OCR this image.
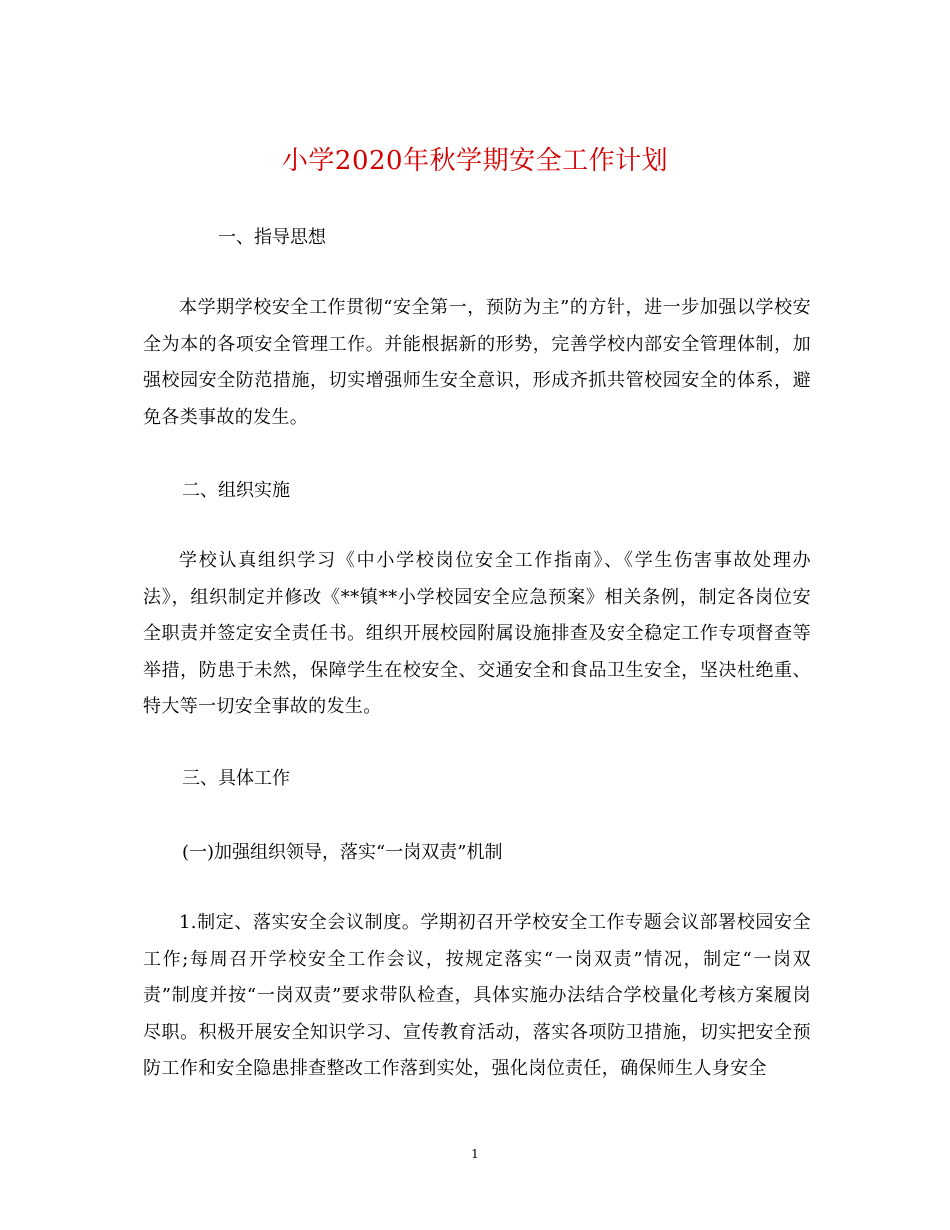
小学2020年秋学期安全工作计划
一、指导思想
本学期学校安全工作贯彻“安全第一，预防为主”的方针，进一步加强以学校安全为本的各项安全管理工作。并能根据新的形势，完善学校内部安全管理体制，加强校园安全防范措施，切实增强师生安全意识，形成齐抓共管校园安全的体系，避免各类事故的发生。
二、组织实施
学校认真组织学习《中小学校岗位安全工作指南》、《学生伤害事故处理办法》，组织制定并修改《**镇**小学校园安全应急预案》相关条例，制定各岗位安全职责并签定安全责任书。组织开展校园附属设施排查及安全稳定工作专项督查等举措，防患于未然，保障学生在校安全、交通安全和食品卫生安全，坚决杜绝重、特大等一切安全事故的发生。
三、具体工作
(一)加强组织领导，落实“一岗双责”机制
1.制定、落实安全会议制度。学期初召开学校安全工作专题会议部署校园安全工作;每周召开学校安全工作会议，按规定落实“一岗双责”情况，制定“一岗双责”制度并按“一岗双责”要求带队检查，具体实施办法结合学校量化考核方案履岗尽职。积极开展安全知识学习、宣传教育活动，落实各项防卫措施，切实把安全预防工作和安全隐患排查整改工作落到实处，强化岗位责任，确保师生人身安全
1
